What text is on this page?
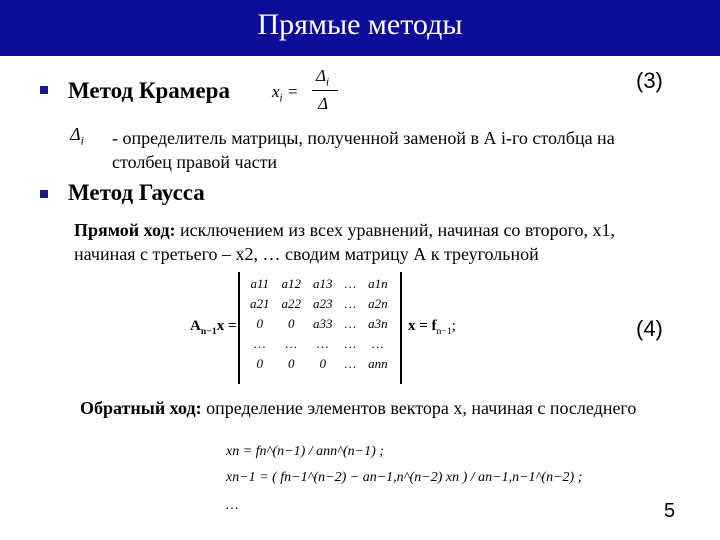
Прямые методы
Метод Крамера $x_i$ =
$\Delta_i$
Δ
(3)
$\Delta_i$ - определитель матрицы, полученной заменой в А i-го столбца на
столбец правой части
Метод Гаусса
Прямой ход: исключением из всех уравнений, начиная со второго, x1,
начиная с третьего – x2, … сводим матрицу А к треугольной
$A_{n-1}x$ =
a11	a12	a13	…	a1n
a21	a22	a23	…	a2n
0	0	a33	…	a3n
…	…	…	…	…
0	0	0	…	ann
$x = f_{n-1}$;	(4)
Обратный ход: определение элементов вектора x, начиная с последнего
xn = fn^(n−1) / ann^(n−1) ;
xn−1 = ( fn−1^(n−2) − an−1,n^(n−2) xn ) / an−1,n−1^(n−2) ;
…	5
